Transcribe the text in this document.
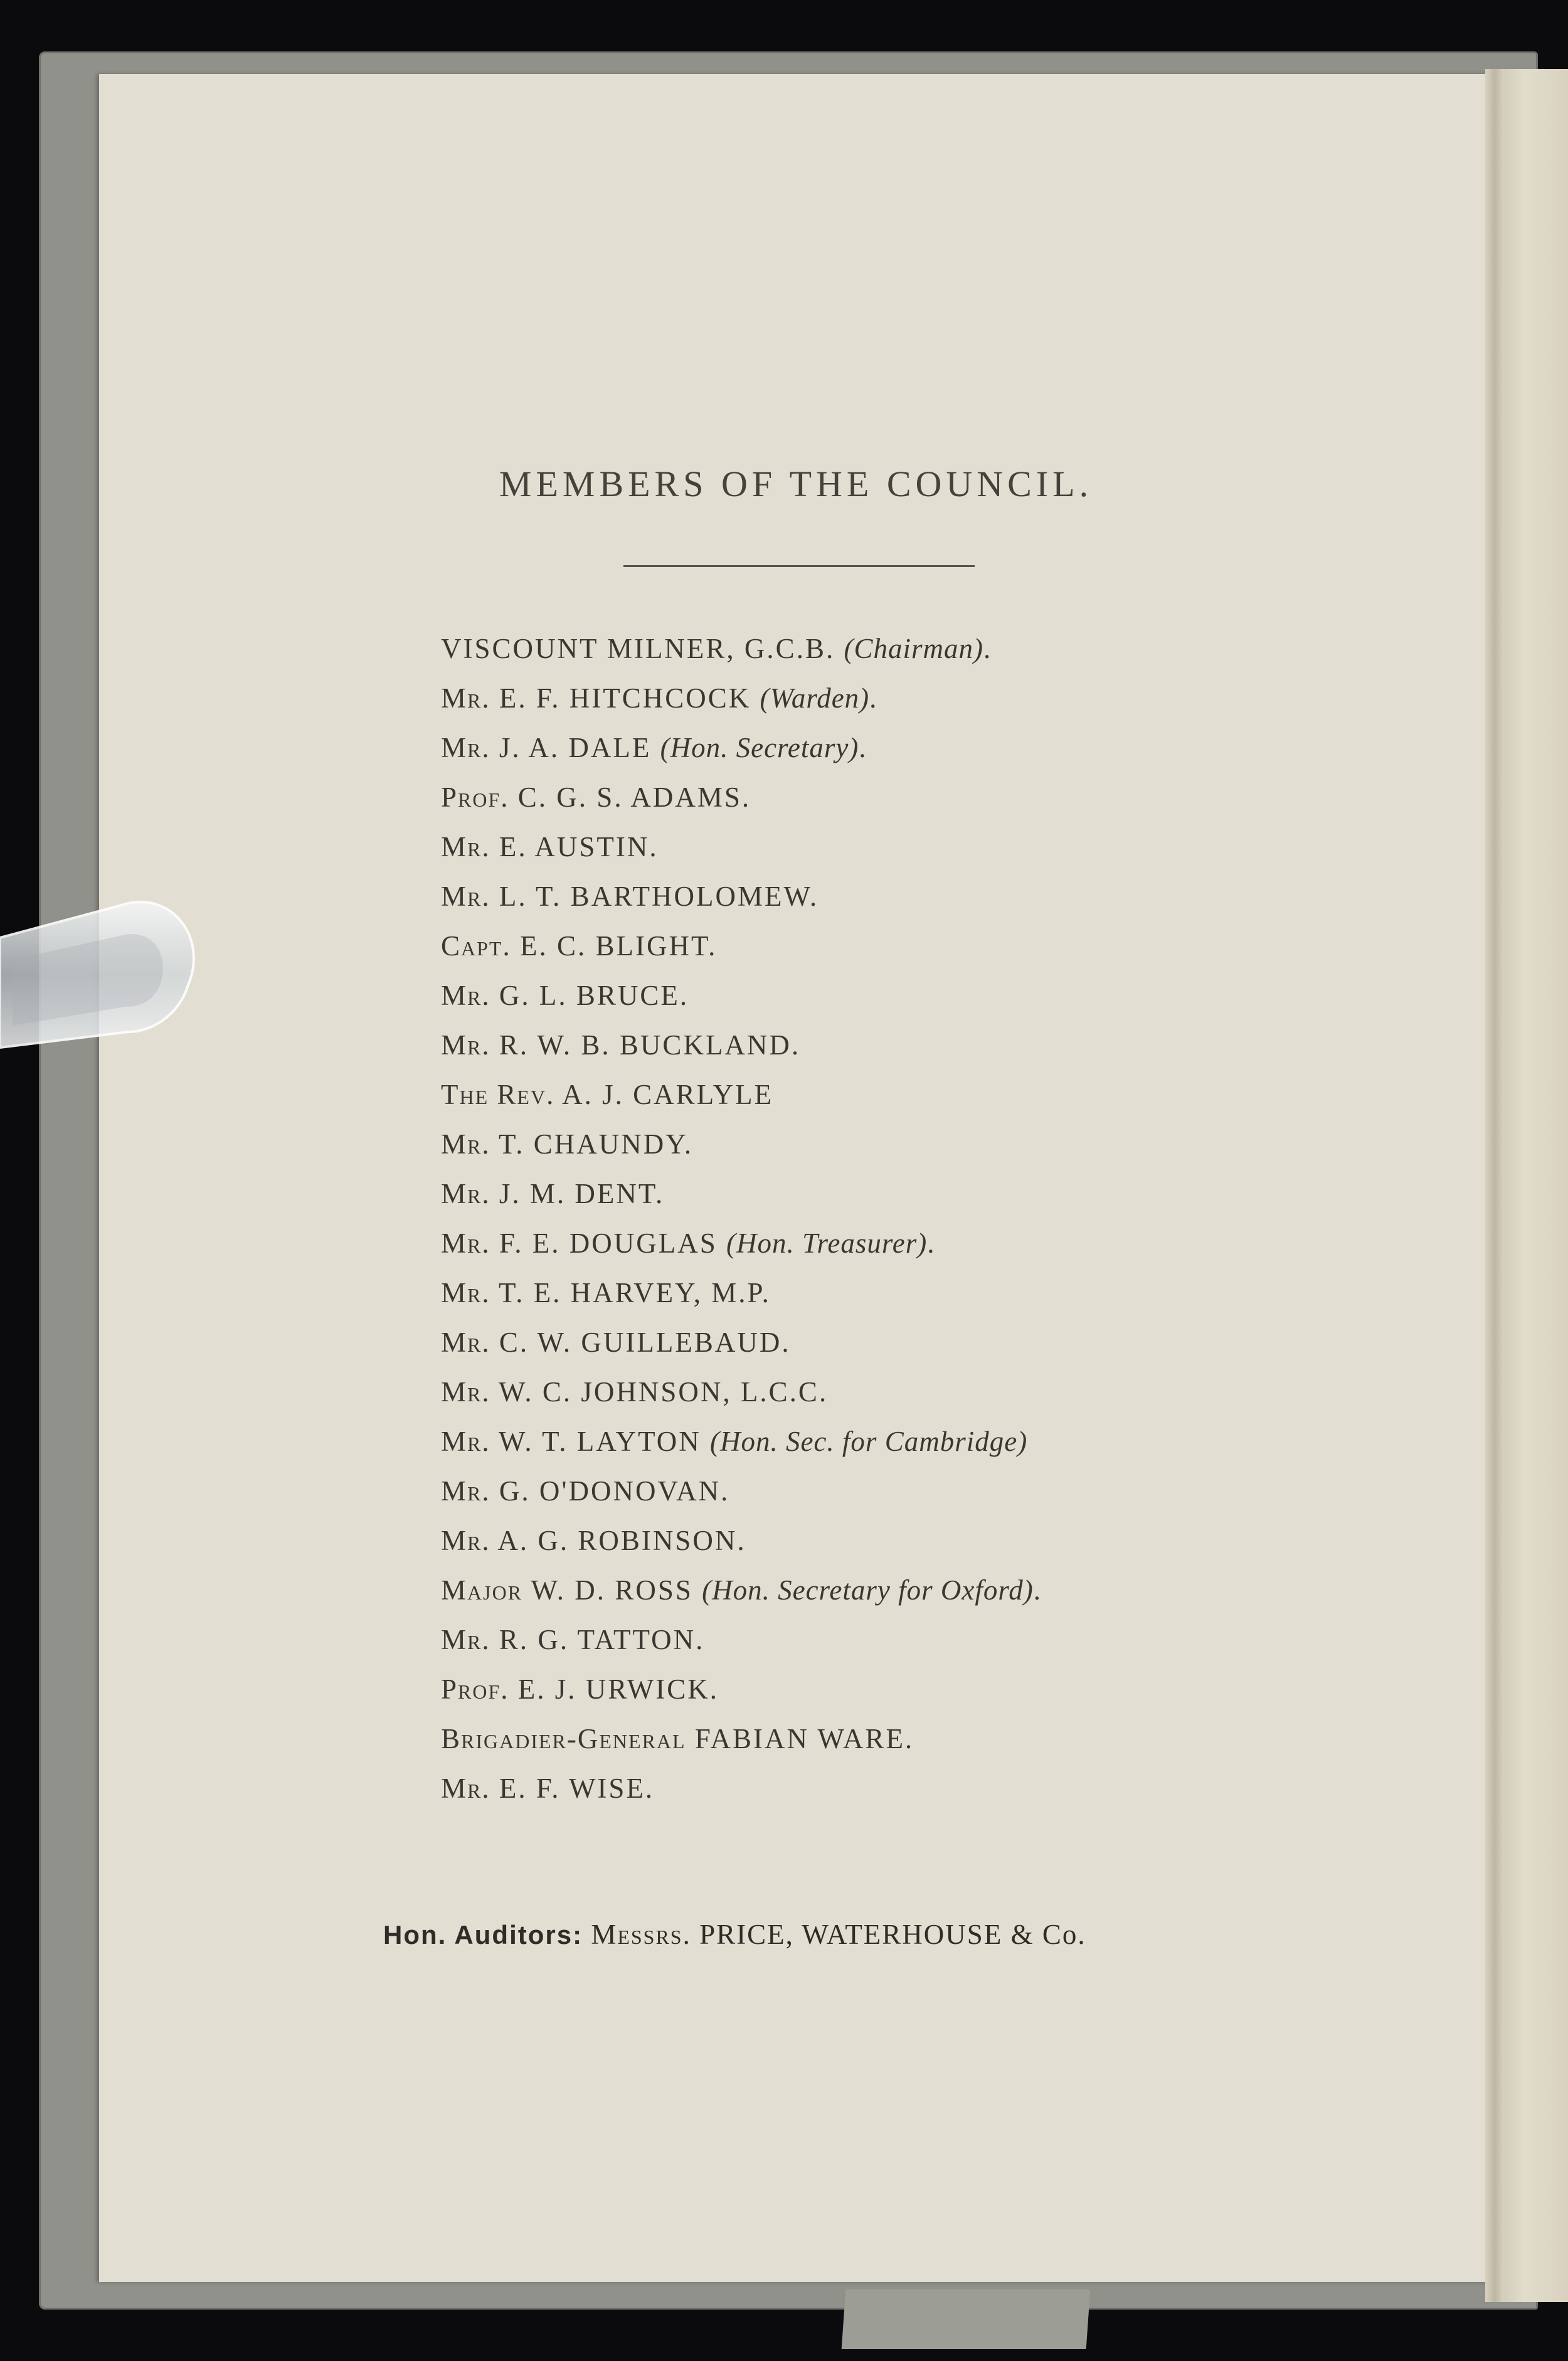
MEMBERS OF THE COUNCIL.
VISCOUNT MILNER, G.C.B. (Chairman).
Mr. E. F. HITCHCOCK (Warden).
Mr. J. A. DALE (Hon. Secretary).
Prof. C. G. S. ADAMS.
Mr. E. AUSTIN.
Mr. L. T. BARTHOLOMEW.
Capt. E. C. BLIGHT.
Mr. G. L. BRUCE.
Mr. R. W. B. BUCKLAND.
The Rev. A. J. CARLYLE
Mr. T. CHAUNDY.
Mr. J. M. DENT.
Mr. F. E. DOUGLAS (Hon. Treasurer).
Mr. T. E. HARVEY, M.P.
Mr. C. W. GUILLEBAUD.
Mr. W. C. JOHNSON, L.C.C.
Mr. W. T. LAYTON (Hon. Sec. for Cambridge)
Mr. G. O'DONOVAN.
Mr. A. G. ROBINSON.
Major W. D. ROSS (Hon. Secretary for Oxford).
Mr. R. G. TATTON.
Prof. E. J. URWICK.
Brigadier-General FABIAN WARE.
Mr. E. F. WISE.
Hon. Auditors: Messrs. PRICE, WATERHOUSE & Co.
